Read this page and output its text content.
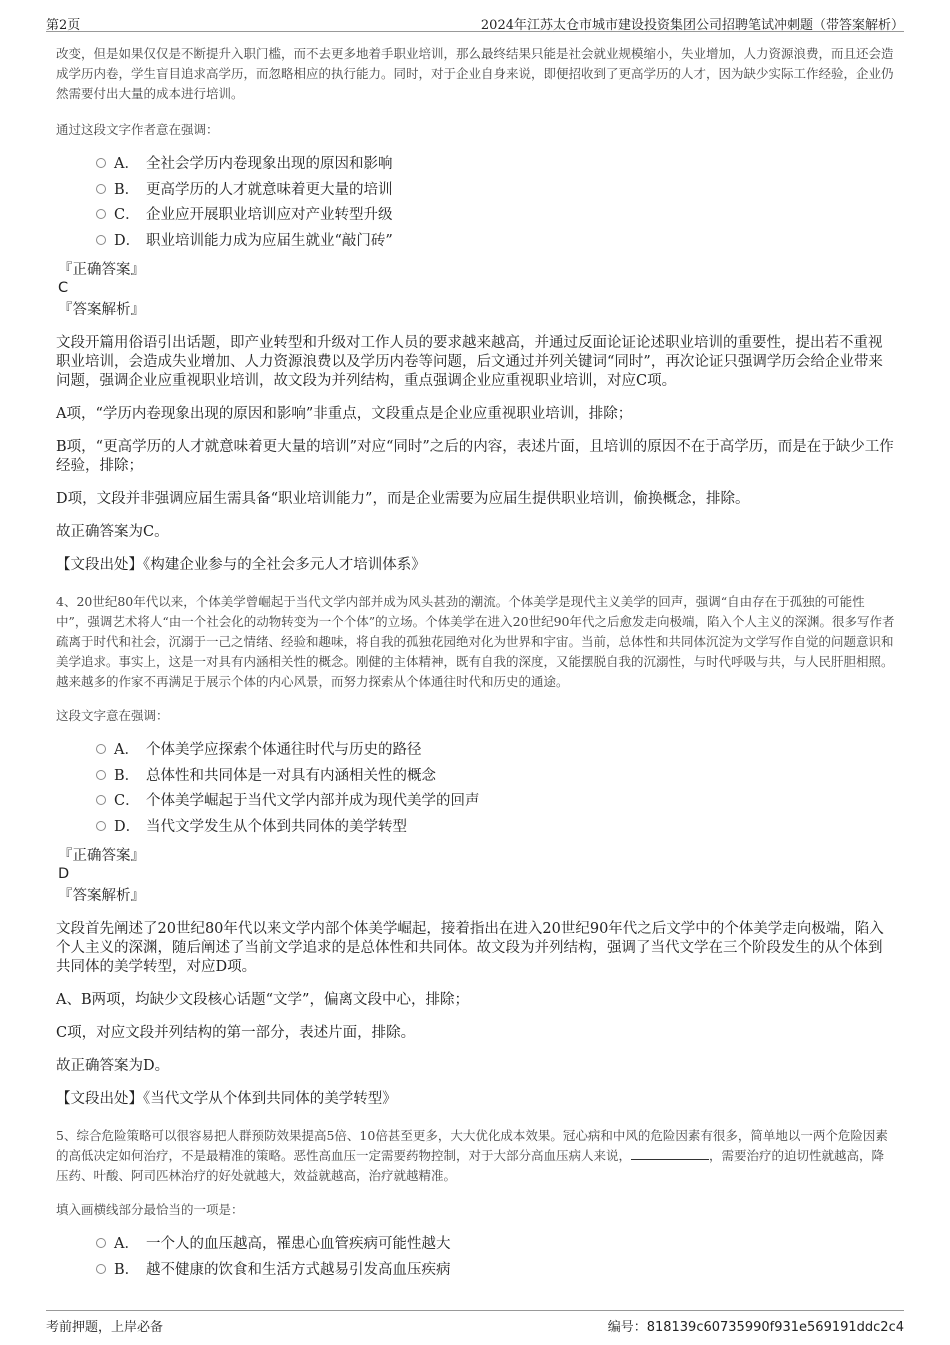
第2页	2024年江苏太仓市城市建设投资集团公司招聘笔试冲刺题（带答案解析）
改变，但是如果仅仅是不断提升入职门槛，而不去更多地着手职业培训，那么最终结果只能是社会就业规模缩小，失业增加，人力资源浪费，而且还会造成学历内卷，学生盲目追求高学历，而忽略相应的执行能力。同时，对于企业自身来说，即便招收到了更高学历的人才，因为缺少实际工作经验，企业仍然需要付出大量的成本进行培训。
通过这段文字作者意在强调：
A． 全社会学历内卷现象出现的原因和影响
B． 更高学历的人才就意味着更大量的培训
C． 企业应开展职业培训应对产业转型升级
D． 职业培训能力成为应届生就业“敲门砖”
『正确答案』
C
『答案解析』
文段开篇用俗语引出话题，即产业转型和升级对工作人员的要求越来越高，并通过反面论证论述职业培训的重要性，提出若不重视职业培训，会造成失业增加、人力资源浪费以及学历内卷等问题，后文通过并列关键词“同时”，再次论证只强调学历会给企业带来问题，强调企业应重视职业培训，故文段为并列结构，重点强调企业应重视职业培训，对应C项。
A项，“学历内卷现象出现的原因和影响”非重点，文段重点是企业应重视职业培训，排除；
B项，“更高学历的人才就意味着更大量的培训”对应“同时”之后的内容，表述片面，且培训的原因不在于高学历，而是在于缺少工作经验，排除；
D项，文段并非强调应届生需具备“职业培训能力”，而是企业需要为应届生提供职业培训，偷换概念，排除。
故正确答案为C。
【文段出处】《构建企业参与的全社会多元人才培训体系》
4、20世纪80年代以来，个体美学曾崛起于当代文学内部并成为风头甚劲的潮流。个体美学是现代主义美学的回声，强调“自由存在于孤独的可能性中”，强调艺术将人“由一个社会化的动物转变为一个个体”的立场。个体美学在进入20世纪90年代之后愈发走向极端，陷入个人主义的深渊。很多写作者疏离于时代和社会，沉溺于一己之情绪、经验和趣味，将自我的孤独花园绝对化为世界和宇宙。当前，总体性和共同体沉淀为文学写作自觉的问题意识和美学追求。事实上，这是一对具有内涵相关性的概念。刚健的主体精神，既有自我的深度，又能摆脱自我的沉溺性，与时代呼吸与共，与人民肝胆相照。越来越多的作家不再满足于展示个体的内心风景，而努力探索从个体通往时代和历史的通途。
这段文字意在强调：
A． 个体美学应探索个体通往时代与历史的路径
B． 总体性和共同体是一对具有内涵相关性的概念
C． 个体美学崛起于当代文学内部并成为现代美学的回声
D． 当代文学发生从个体到共同体的美学转型
『正确答案』
D
『答案解析』
文段首先阐述了20世纪80年代以来文学内部个体美学崛起，接着指出在进入20世纪90年代之后文学中的个体美学走向极端，陷入个人主义的深渊，随后阐述了当前文学追求的是总体性和共同体。故文段为并列结构，强调了当代文学在三个阶段发生的从个体到共同体的美学转型，对应D项。
A、B两项，均缺少文段核心话题“文学”，偏离文段中心，排除；
C项，对应文段并列结构的第一部分，表述片面，排除。
故正确答案为D。
【文段出处】《当代文学从个体到共同体的美学转型》
5、综合危险策略可以很容易把人群预防效果提高5倍、10倍甚至更多，大大优化成本效果。冠心病和中风的危险因素有很多，简单地以一两个危险因素的高低决定如何治疗，不是最精准的策略。恶性高血压一定需要药物控制，对于大部分高血压病人来说，	，需要治疗的迫切性就越高，降压药、叶酸、阿司匹林治疗的好处就越大，效益就越高，治疗就越精准。
填入画横线部分最恰当的一项是：
A． 一个人的血压越高，罹患心血管疾病可能性越大
B． 越不健康的饮食和生活方式越易引发高血压疾病
考前押题，上岸必备	编号：818139c60735990f931e569191ddc2c4
